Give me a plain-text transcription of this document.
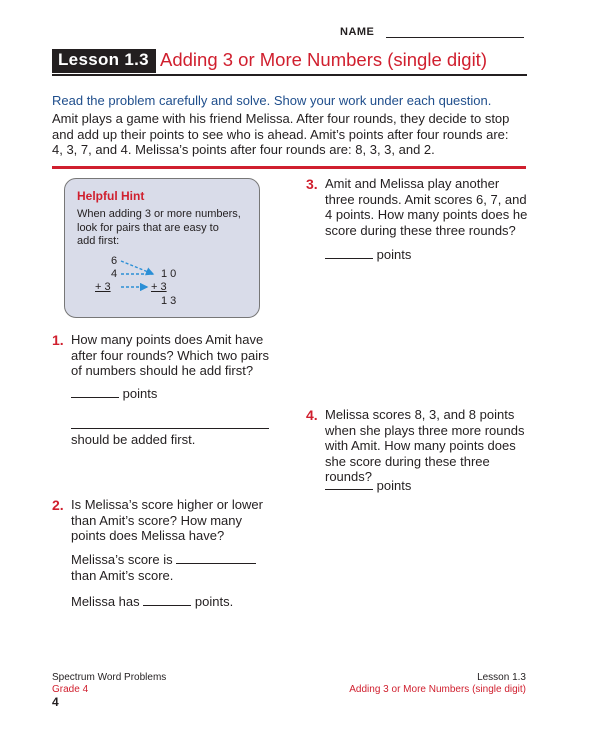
NAME
Lesson 1.3 Adding 3 or More Numbers (single digit)
Read the problem carefully and solve. Show your work under each question.
Amit plays a game with his friend Melissa. After four rounds, they decide to stop
and add up their points to see who is ahead. Amit’s points after four rounds are:
4, 3, 7, and 4. Melissa’s points after four rounds are: 8, 3, 3, and 2.
Helpful Hint
When adding 3 or more numbers,
look for pairs that are easy to
add first:
6
4
+ 3
1 0
+ 3
1 3
1. How many points does Amit have
after four rounds? Which two pairs
of numbers should he add first?
points
should be added first.
2. Is Melissa’s score higher or lower
than Amit’s score? How many
points does Melissa have?
Melissa’s score is
than Amit’s score.
Melissa has	points.
3. Amit and Melissa play another
three rounds. Amit scores 6, 7, and
4 points. How many points does he
score during these three rounds?
points
4. Melissa scores 8, 3, and 8 points
when she plays three more rounds
with Amit. How many points does
she score during these three rounds?
points
Spectrum Word Problems
Grade 4
4
Lesson 1.3
Adding 3 or More Numbers (single digit)
